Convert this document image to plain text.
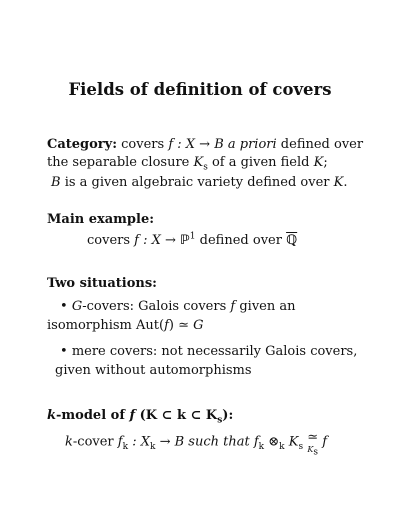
Fields of definition of covers
Category: covers f : X → B a priori defined over
the separable closure $K_s$ of a given field K;
B is a given algebraic variety defined over K.
Main example:
covers f : X → ℙ$^1$ defined over ℚ
Two situations:
• G-covers: Galois covers f given an
isomorphism Aut(f) ≃ G
• mere covers: not necessarily Galois covers,
given without automorphisms
k-model of f (K ⊂ k ⊂ $K_s$):
k-cover $f_k$ : $X_k \to B$ such that $f_k$ $\otimes_k$ $K_s$ ≃
$K_s$
f
